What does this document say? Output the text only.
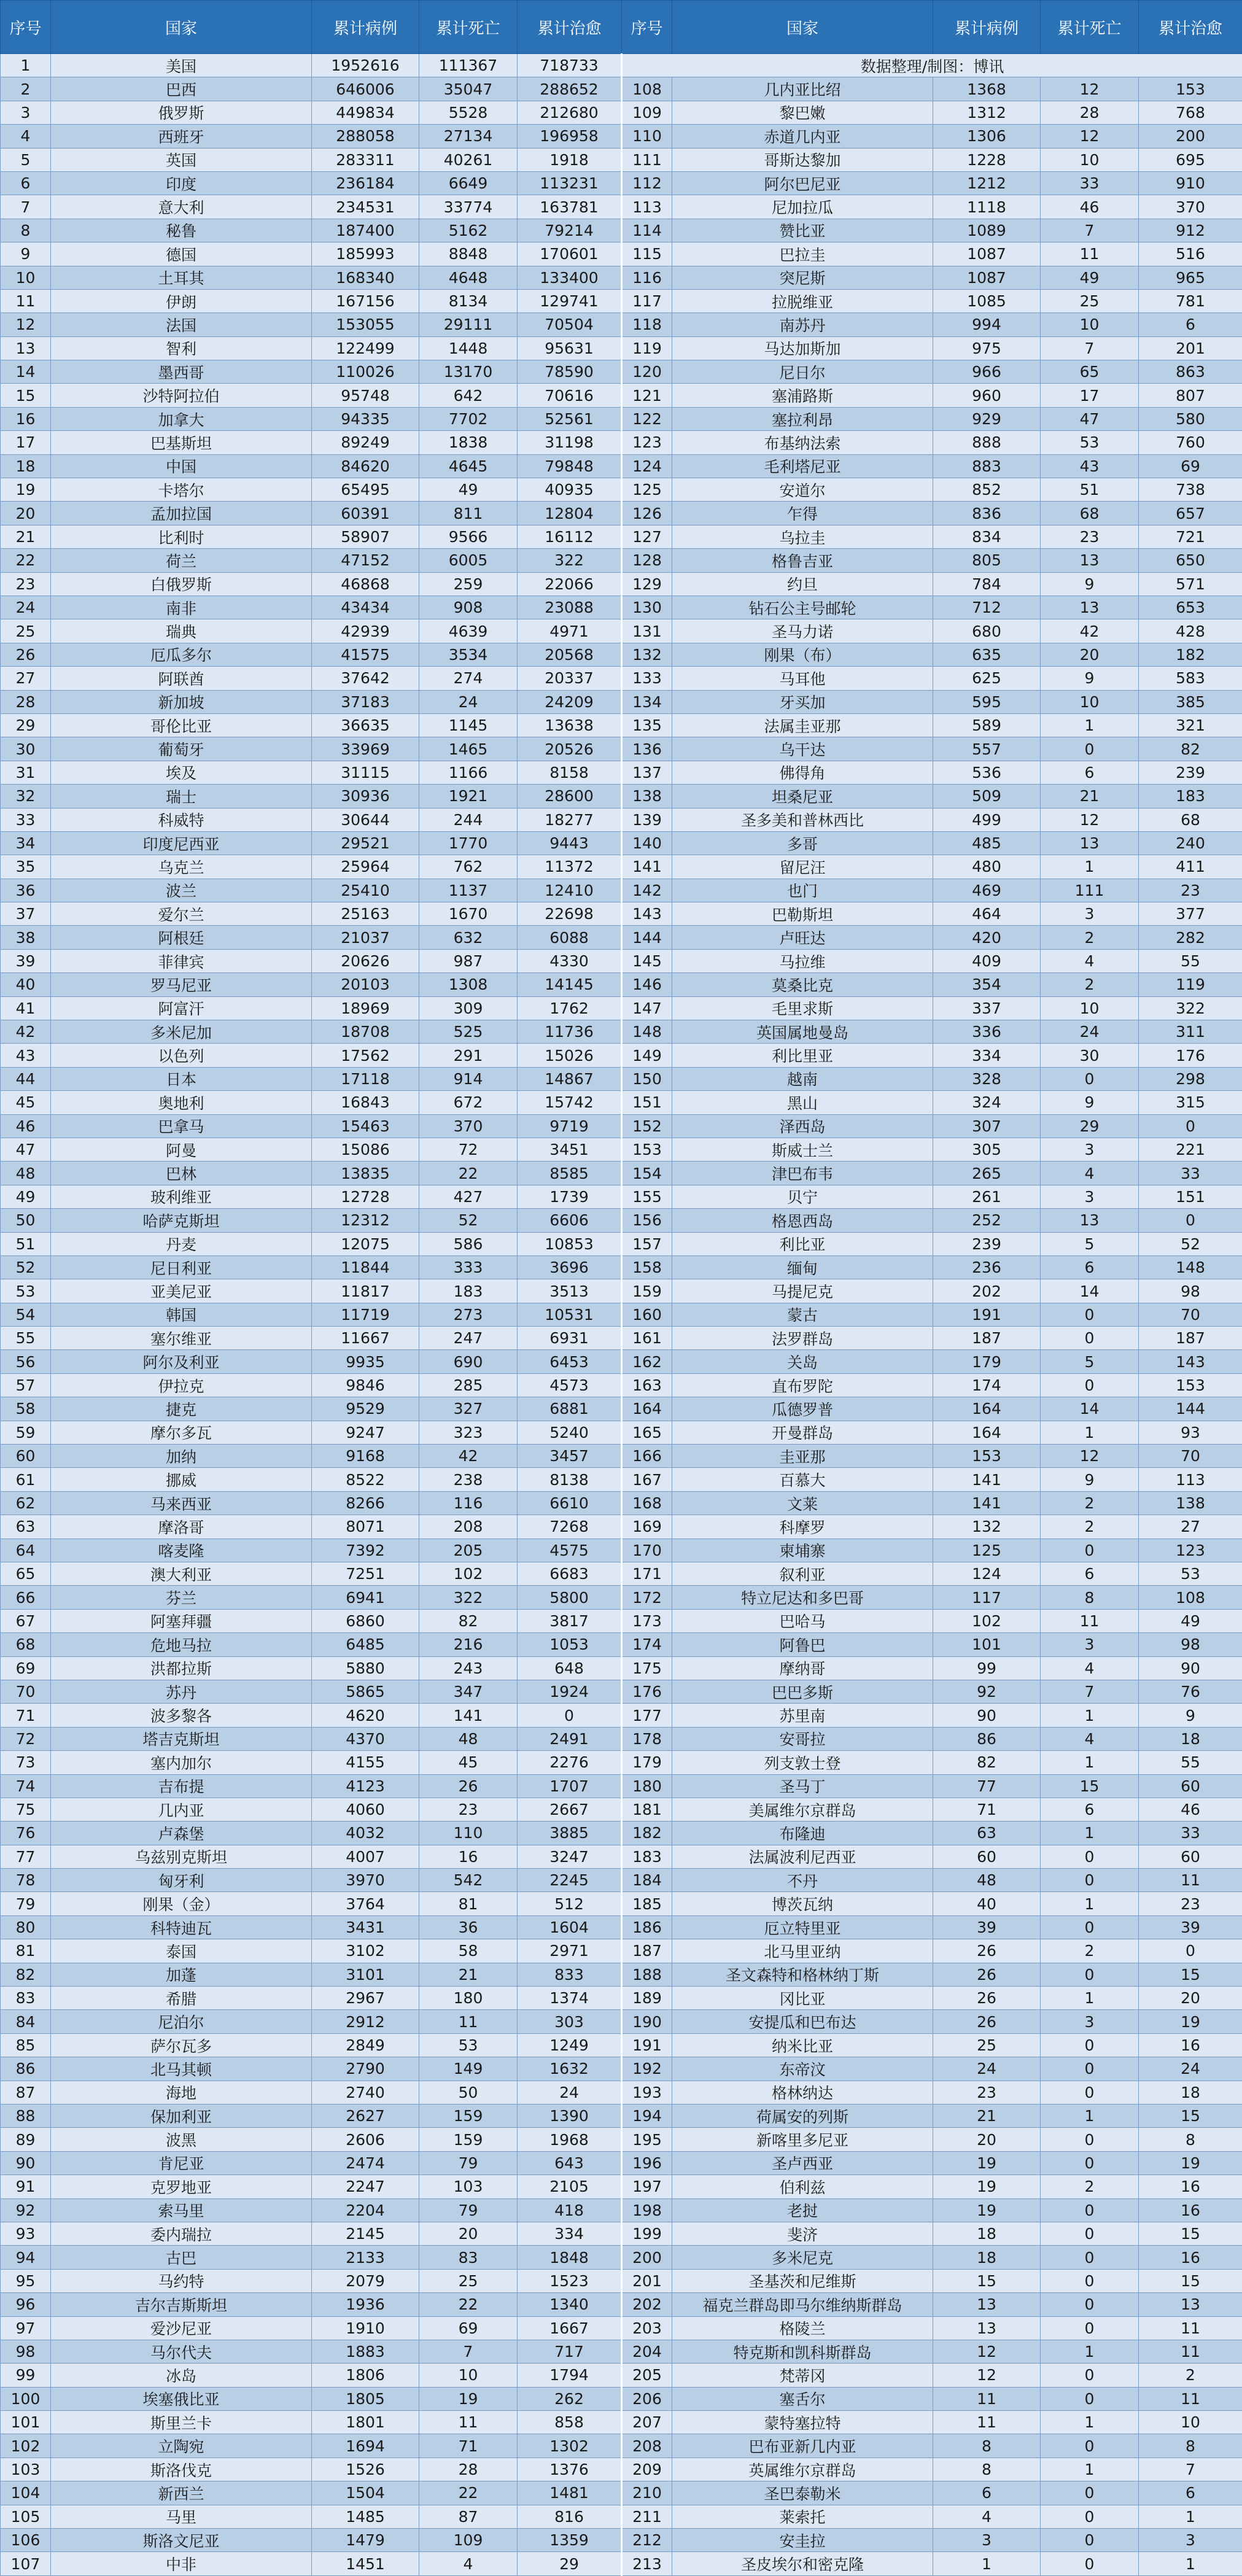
序号	国家	累计病例	累计死亡	累计治愈	序号	国家	累计病例	累计死亡	累计治愈
1	美国	1952616	111367	718733	数据整理/制图：博讯				
2	巴西	646006	35047	288652	108	几内亚比绍	1368	12	153
3	俄罗斯	449834	5528	212680	109	黎巴嫩	1312	28	768
4	西班牙	288058	27134	196958	110	赤道几内亚	1306	12	200
5	英国	283311	40261	1918	111	哥斯达黎加	1228	10	695
6	印度	236184	6649	113231	112	阿尔巴尼亚	1212	33	910
7	意大利	234531	33774	163781	113	尼加拉瓜	1118	46	370
8	秘鲁	187400	5162	79214	114	赞比亚	1089	7	912
9	德国	185993	8848	170601	115	巴拉圭	1087	11	516
10	土耳其	168340	4648	133400	116	突尼斯	1087	49	965
11	伊朗	167156	8134	129741	117	拉脱维亚	1085	25	781
12	法国	153055	29111	70504	118	南苏丹	994	10	6
13	智利	122499	1448	95631	119	马达加斯加	975	7	201
14	墨西哥	110026	13170	78590	120	尼日尔	966	65	863
15	沙特阿拉伯	95748	642	70616	121	塞浦路斯	960	17	807
16	加拿大	94335	7702	52561	122	塞拉利昂	929	47	580
17	巴基斯坦	89249	1838	31198	123	布基纳法索	888	53	760
18	中国	84620	4645	79848	124	毛利塔尼亚	883	43	69
19	卡塔尔	65495	49	40935	125	安道尔	852	51	738
20	孟加拉国	60391	811	12804	126	乍得	836	68	657
21	比利时	58907	9566	16112	127	乌拉圭	834	23	721
22	荷兰	47152	6005	322	128	格鲁吉亚	805	13	650
23	白俄罗斯	46868	259	22066	129	约旦	784	9	571
24	南非	43434	908	23088	130	钻石公主号邮轮	712	13	653
25	瑞典	42939	4639	4971	131	圣马力诺	680	42	428
26	厄瓜多尔	41575	3534	20568	132	刚果（布）	635	20	182
27	阿联酋	37642	274	20337	133	马耳他	625	9	583
28	新加坡	37183	24	24209	134	牙买加	595	10	385
29	哥伦比亚	36635	1145	13638	135	法属圭亚那	589	1	321
30	葡萄牙	33969	1465	20526	136	乌干达	557	0	82
31	埃及	31115	1166	8158	137	佛得角	536	6	239
32	瑞士	30936	1921	28600	138	坦桑尼亚	509	21	183
33	科威特	30644	244	18277	139	圣多美和普林西比	499	12	68
34	印度尼西亚	29521	1770	9443	140	多哥	485	13	240
35	乌克兰	25964	762	11372	141	留尼汪	480	1	411
36	波兰	25410	1137	12410	142	也门	469	111	23
37	爱尔兰	25163	1670	22698	143	巴勒斯坦	464	3	377
38	阿根廷	21037	632	6088	144	卢旺达	420	2	282
39	菲律宾	20626	987	4330	145	马拉维	409	4	55
40	罗马尼亚	20103	1308	14145	146	莫桑比克	354	2	119
41	阿富汗	18969	309	1762	147	毛里求斯	337	10	322
42	多米尼加	18708	525	11736	148	英国属地曼岛	336	24	311
43	以色列	17562	291	15026	149	利比里亚	334	30	176
44	日本	17118	914	14867	150	越南	328	0	298
45	奥地利	16843	672	15742	151	黑山	324	9	315
46	巴拿马	15463	370	9719	152	泽西岛	307	29	0
47	阿曼	15086	72	3451	153	斯威士兰	305	3	221
48	巴林	13835	22	8585	154	津巴布韦	265	4	33
49	玻利维亚	12728	427	1739	155	贝宁	261	3	151
50	哈萨克斯坦	12312	52	6606	156	格恩西岛	252	13	0
51	丹麦	12075	586	10853	157	利比亚	239	5	52
52	尼日利亚	11844	333	3696	158	缅甸	236	6	148
53	亚美尼亚	11817	183	3513	159	马提尼克	202	14	98
54	韩国	11719	273	10531	160	蒙古	191	0	70
55	塞尔维亚	11667	247	6931	161	法罗群岛	187	0	187
56	阿尔及利亚	9935	690	6453	162	关岛	179	5	143
57	伊拉克	9846	285	4573	163	直布罗陀	174	0	153
58	捷克	9529	327	6881	164	瓜德罗普	164	14	144
59	摩尔多瓦	9247	323	5240	165	开曼群岛	164	1	93
60	加纳	9168	42	3457	166	圭亚那	153	12	70
61	挪威	8522	238	8138	167	百慕大	141	9	113
62	马来西亚	8266	116	6610	168	文莱	141	2	138
63	摩洛哥	8071	208	7268	169	科摩罗	132	2	27
64	喀麦隆	7392	205	4575	170	柬埔寨	125	0	123
65	澳大利亚	7251	102	6683	171	叙利亚	124	6	53
66	芬兰	6941	322	5800	172	特立尼达和多巴哥	117	8	108
67	阿塞拜疆	6860	82	3817	173	巴哈马	102	11	49
68	危地马拉	6485	216	1053	174	阿鲁巴	101	3	98
69	洪都拉斯	5880	243	648	175	摩纳哥	99	4	90
70	苏丹	5865	347	1924	176	巴巴多斯	92	7	76
71	波多黎各	4620	141	0	177	苏里南	90	1	9
72	塔吉克斯坦	4370	48	2491	178	安哥拉	86	4	18
73	塞内加尔	4155	45	2276	179	列支敦士登	82	1	55
74	吉布提	4123	26	1707	180	圣马丁	77	15	60
75	几内亚	4060	23	2667	181	美属维尔京群岛	71	6	46
76	卢森堡	4032	110	3885	182	布隆迪	63	1	33
77	乌兹别克斯坦	4007	16	3247	183	法属波利尼西亚	60	0	60
78	匈牙利	3970	542	2245	184	不丹	48	0	11
79	刚果（金）	3764	81	512	185	博茨瓦纳	40	1	23
80	科特迪瓦	3431	36	1604	186	厄立特里亚	39	0	39
81	泰国	3102	58	2971	187	北马里亚纳	26	2	0
82	加蓬	3101	21	833	188	圣文森特和格林纳丁斯	26	0	15
83	希腊	2967	180	1374	189	冈比亚	26	1	20
84	尼泊尔	2912	11	303	190	安提瓜和巴布达	26	3	19
85	萨尔瓦多	2849	53	1249	191	纳米比亚	25	0	16
86	北马其顿	2790	149	1632	192	东帝汶	24	0	24
87	海地	2740	50	24	193	格林纳达	23	0	18
88	保加利亚	2627	159	1390	194	荷属安的列斯	21	1	15
89	波黑	2606	159	1968	195	新喀里多尼亚	20	0	8
90	肯尼亚	2474	79	643	196	圣卢西亚	19	0	19
91	克罗地亚	2247	103	2105	197	伯利兹	19	2	16
92	索马里	2204	79	418	198	老挝	19	0	16
93	委内瑞拉	2145	20	334	199	斐济	18	0	15
94	古巴	2133	83	1848	200	多米尼克	18	0	16
95	马约特	2079	25	1523	201	圣基茨和尼维斯	15	0	15
96	吉尔吉斯斯坦	1936	22	1340	202	福克兰群岛即马尔维纳斯群岛	13	0	13
97	爱沙尼亚	1910	69	1667	203	格陵兰	13	0	11
98	马尔代夫	1883	7	717	204	特克斯和凯科斯群岛	12	1	11
99	冰岛	1806	10	1794	205	梵蒂冈	12	0	2
100	埃塞俄比亚	1805	19	262	206	塞舌尔	11	0	11
101	斯里兰卡	1801	11	858	207	蒙特塞拉特	11	1	10
102	立陶宛	1694	71	1302	208	巴布亚新几内亚	8	0	8
103	斯洛伐克	1526	28	1376	209	英属维尔京群岛	8	1	7
104	新西兰	1504	22	1481	210	圣巴泰勒米	6	0	6
105	马里	1485	87	816	211	莱索托	4	0	1
106	斯洛文尼亚	1479	109	1359	212	安圭拉	3	0	3
107	中非	1451	4	29	213	圣皮埃尔和密克隆	1	0	1
